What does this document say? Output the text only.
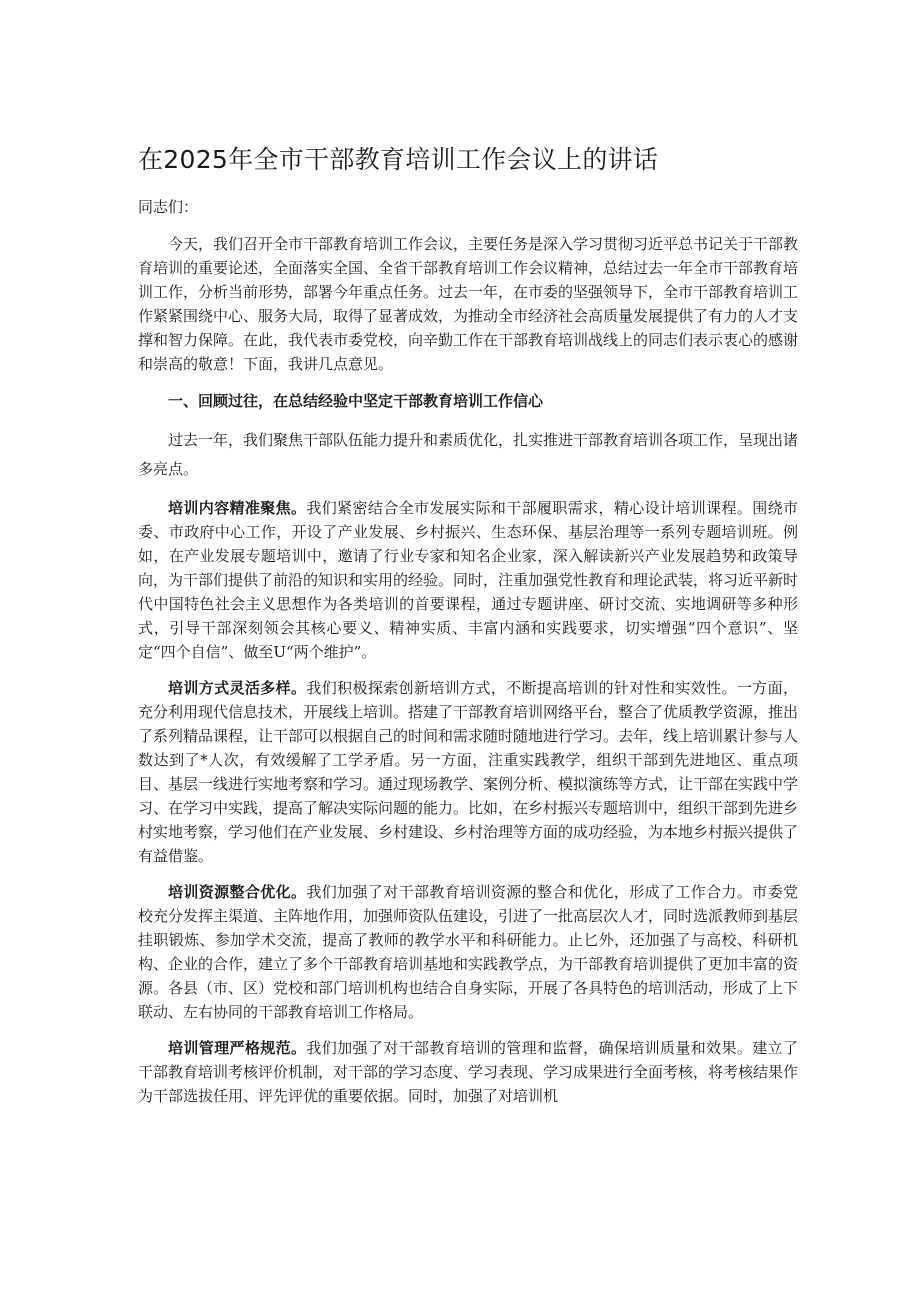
在2025年全市干部教育培训工作会议上的讲话
同志们：

今天，我们召开全市干部教育培训工作会议，主要任务是深入学习贯彻习近平总书记关于干部教育培训的重要论述，全面落实全国、全省干部教育培训工作会议精神，总结过去一年全市干部教育培训工作，分析当前形势，部署今年重点任务。过去一年，在市委的坚强领导下，全市干部教育培训工作紧紧围绕中心、服务大局，取得了显著成效，为推动全市经济社会高质量发展提供了有力的人才支撑和智力保障。在此，我代表市委党校，向辛勤工作在干部教育培训战线上的同志们表示衷心的感谢和崇高的敬意！下面，我讲几点意见。

一、回顾过往，在总结经验中坚定干部教育培训工作信心

过去一年，我们聚焦干部队伍能力提升和素质优化，扎实推进干部教育培训各项工作，呈现出诸多亮点。

培训内容精准聚焦。我们紧密结合全市发展实际和干部履职需求，精心设计培训课程。围绕市委、市政府中心工作，开设了产业发展、乡村振兴、生态环保、基层治理等一系列专题培训班。例如，在产业发展专题培训中，邀请了行业专家和知名企业家，深入解读新兴产业发展趋势和政策导向，为干部们提供了前沿的知识和实用的经验。同时，注重加强党性教育和理论武装，将习近平新时代中国特色社会主义思想作为各类培训的首要课程，通过专题讲座、研讨交流、实地调研等多种形式，引导干部深刻领会其核心要义、精神实质、丰富内涵和实践要求，切实增强“四个意识”、坚定“四个自信”、做至U“两个维护”。

培训方式灵活多样。我们积极探索创新培训方式，不断提高培训的针对性和实效性。一方面，充分利用现代信息技术，开展线上培训。搭建了干部教育培训网络平台，整合了优质教学资源，推出了系列精品课程，让干部可以根据自己的时间和需求随时随地进行学习。去年，线上培训累计参与人数达到了*人次，有效缓解了工学矛盾。另一方面，注重实践教学，组织干部到先进地区、重点项目、基层一线进行实地考察和学习。通过现场教学、案例分析、模拟演练等方式，让干部在实践中学习、在学习中实践，提高了解决实际问题的能力。比如，在乡村振兴专题培训中，组织干部到先进乡村实地考察，学习他们在产业发展、乡村建设、乡村治理等方面的成功经验，为本地乡村振兴提供了有益借鉴。

培训资源整合优化。我们加强了对干部教育培训资源的整合和优化，形成了工作合力。市委党校充分发挥主渠道、主阵地作用，加强师资队伍建设，引进了一批高层次人才，同时选派教师到基层挂职锻炼、参加学术交流，提高了教师的教学水平和科研能力。止匕外，还加强了与高校、科研机构、企业的合作，建立了多个干部教育培训基地和实践教学点，为干部教育培训提供了更加丰富的资源。各县（市、区）党校和部门培训机构也结合自身实际，开展了各具特色的培训活动，形成了上下联动、左右协同的干部教育培训工作格局。

培训管理严格规范。我们加强了对干部教育培训的管理和监督，确保培训质量和效果。建立了干部教育培训考核评价机制，对干部的学习态度、学习表现、学习成果进行全面考核，将考核结果作为干部选拔任用、评先评优的重要依据。同时，加强了对培训机
